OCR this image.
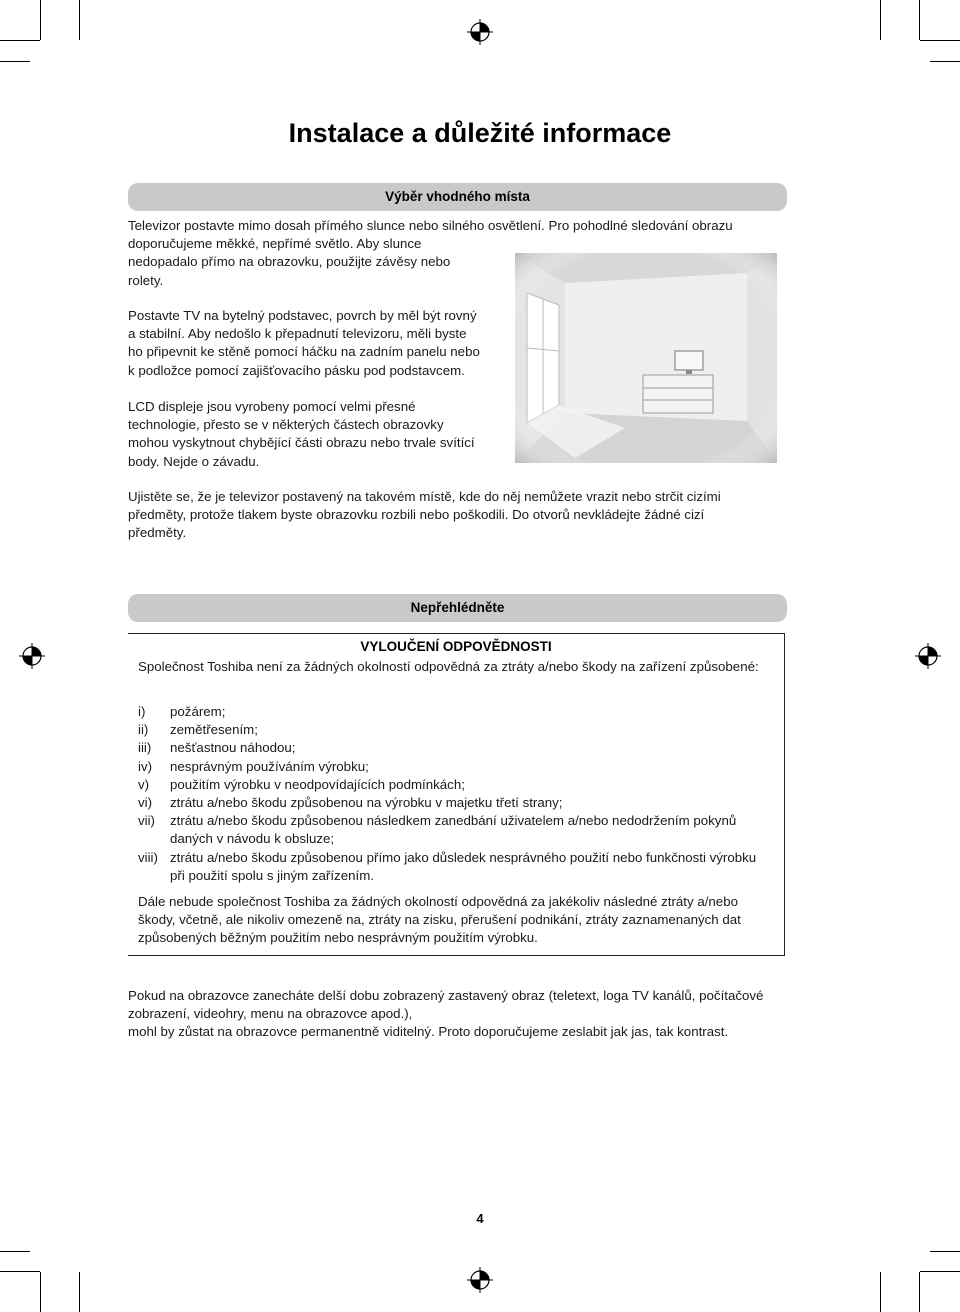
Instalace a důležité informace
Výběr vhodného místa

Televizor postavte mimo dosah přímého slunce nebo silného osvětlení. Pro pohodlné sledování obrazu
doporučujeme měkké, nepřímé světlo. Aby slunce
nedopadalo přímo na obrazovku, použijte závěsy nebo
rolety.

Postavte TV na bytelný podstavec, povrch by měl být rovný
a stabilní. Aby nedošlo k přepadnutí televizoru, měli byste
ho připevnit ke stěně pomocí háčku na zadním panelu nebo
k podložce pomocí zajišťovacího pásku pod podstavcem.

LCD displeje jsou vyrobeny pomocí velmi přesné
technologie, přesto se v některých částech obrazovky
mohou vyskytnout chybějící části obrazu nebo trvale svítící
body. Nejde o závadu.

Ujistěte se, že je televizor postavený na takovém místě, kde do něj nemůžete vrazit nebo strčit cizími
předměty, protože tlakem byste obrazovku rozbili nebo poškodili. Do otvorů nevkládejte žádné cizí
předměty.

Nepřehlédněte
VYLOUČENÍ ODPOVĚDNOSTI
Společnost Toshiba není za žádných okolností odpovědná za ztráty a/nebo škody na zařízení způsobené:
i) požárem;
ii) zemětřesením;
iii) nešťastnou náhodou;
iv) nesprávným používáním výrobku;
v) použitím výrobku v neodpovídajících podmínkách;
vi) ztrátu a/nebo škodu způsobenou na výrobku v majetku třetí strany;
vii) ztrátu a/nebo škodu způsobenou následkem zanedbání uživatelem a/nebo nedodržením pokynů
daných v návodu k obsluze;
viii) ztrátu a/nebo škodu způsobenou přímo jako důsledek nesprávného použití nebo funkčnosti výrobku
při použití spolu s jiným zařízením.
Dále nebude společnost Toshiba za žádných okolností odpovědná za jakékoliv následné ztráty a/nebo
škody, včetně, ale nikoliv omezeně na, ztráty na zisku, přerušení podnikání, ztráty zaznamenaných dat
způsobených běžným použitím nebo nesprávným použitím výrobku.

Pokud na obrazovce zanecháte delší dobu zobrazený zastavený obraz (teletext, loga TV kanálů, počítačové
zobrazení, videohry, menu na obrazovce apod.),
mohl by zůstat na obrazovce permanentně viditelný. Proto doporučujeme zeslabit jak jas, tak kontrast.

4
